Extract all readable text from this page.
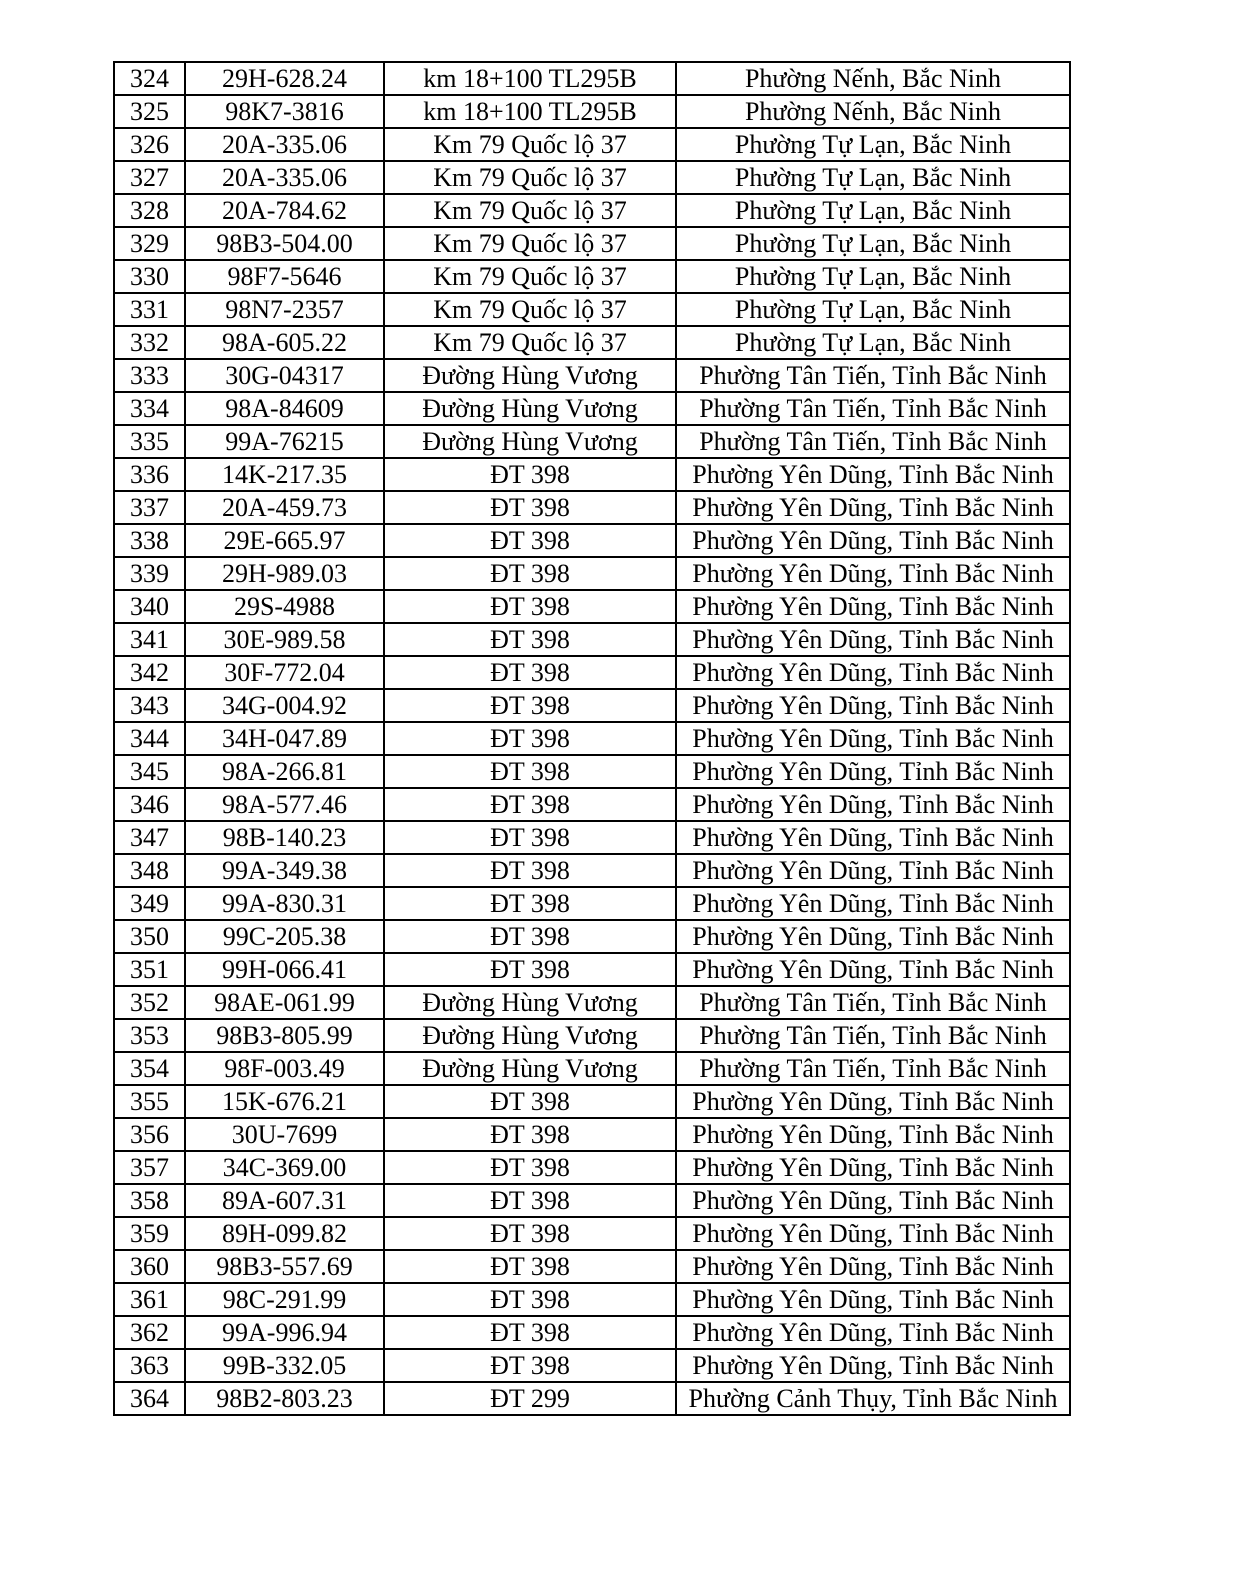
324	29H-628.24	km 18+100 TL295B	Phường Nếnh, Bắc Ninh
325	98K7-3816	km 18+100 TL295B	Phường Nếnh, Bắc Ninh
326	20A-335.06	Km 79 Quốc lộ 37	Phường Tự Lạn, Bắc Ninh
327	20A-335.06	Km 79 Quốc lộ 37	Phường Tự Lạn, Bắc Ninh
328	20A-784.62	Km 79 Quốc lộ 37	Phường Tự Lạn, Bắc Ninh
329	98B3-504.00	Km 79 Quốc lộ 37	Phường Tự Lạn, Bắc Ninh
330	98F7-5646	Km 79 Quốc lộ 37	Phường Tự Lạn, Bắc Ninh
331	98N7-2357	Km 79 Quốc lộ 37	Phường Tự Lạn, Bắc Ninh
332	98A-605.22	Km 79 Quốc lộ 37	Phường Tự Lạn, Bắc Ninh
333	30G-04317	Đường Hùng Vương	Phường Tân Tiến, Tỉnh Bắc Ninh
334	98A-84609	Đường Hùng Vương	Phường Tân Tiến, Tỉnh Bắc Ninh
335	99A-76215	Đường Hùng Vương	Phường Tân Tiến, Tỉnh Bắc Ninh
336	14K-217.35	ĐT 398	Phường Yên Dũng, Tỉnh Bắc Ninh
337	20A-459.73	ĐT 398	Phường Yên Dũng, Tỉnh Bắc Ninh
338	29E-665.97	ĐT 398	Phường Yên Dũng, Tỉnh Bắc Ninh
339	29H-989.03	ĐT 398	Phường Yên Dũng, Tỉnh Bắc Ninh
340	29S-4988	ĐT 398	Phường Yên Dũng, Tỉnh Bắc Ninh
341	30E-989.58	ĐT 398	Phường Yên Dũng, Tỉnh Bắc Ninh
342	30F-772.04	ĐT 398	Phường Yên Dũng, Tỉnh Bắc Ninh
343	34G-004.92	ĐT 398	Phường Yên Dũng, Tỉnh Bắc Ninh
344	34H-047.89	ĐT 398	Phường Yên Dũng, Tỉnh Bắc Ninh
345	98A-266.81	ĐT 398	Phường Yên Dũng, Tỉnh Bắc Ninh
346	98A-577.46	ĐT 398	Phường Yên Dũng, Tỉnh Bắc Ninh
347	98B-140.23	ĐT 398	Phường Yên Dũng, Tỉnh Bắc Ninh
348	99A-349.38	ĐT 398	Phường Yên Dũng, Tỉnh Bắc Ninh
349	99A-830.31	ĐT 398	Phường Yên Dũng, Tỉnh Bắc Ninh
350	99C-205.38	ĐT 398	Phường Yên Dũng, Tỉnh Bắc Ninh
351	99H-066.41	ĐT 398	Phường Yên Dũng, Tỉnh Bắc Ninh
352	98AE-061.99	Đường Hùng Vương	Phường Tân Tiến, Tỉnh Bắc Ninh
353	98B3-805.99	Đường Hùng Vương	Phường Tân Tiến, Tỉnh Bắc Ninh
354	98F-003.49	Đường Hùng Vương	Phường Tân Tiến, Tỉnh Bắc Ninh
355	15K-676.21	ĐT 398	Phường Yên Dũng, Tỉnh Bắc Ninh
356	30U-7699	ĐT 398	Phường Yên Dũng, Tỉnh Bắc Ninh
357	34C-369.00	ĐT 398	Phường Yên Dũng, Tỉnh Bắc Ninh
358	89A-607.31	ĐT 398	Phường Yên Dũng, Tỉnh Bắc Ninh
359	89H-099.82	ĐT 398	Phường Yên Dũng, Tỉnh Bắc Ninh
360	98B3-557.69	ĐT 398	Phường Yên Dũng, Tỉnh Bắc Ninh
361	98C-291.99	ĐT 398	Phường Yên Dũng, Tỉnh Bắc Ninh
362	99A-996.94	ĐT 398	Phường Yên Dũng, Tỉnh Bắc Ninh
363	99B-332.05	ĐT 398	Phường Yên Dũng, Tỉnh Bắc Ninh
364	98B2-803.23	ĐT 299	Phường Cảnh Thụy, Tỉnh Bắc Ninh
